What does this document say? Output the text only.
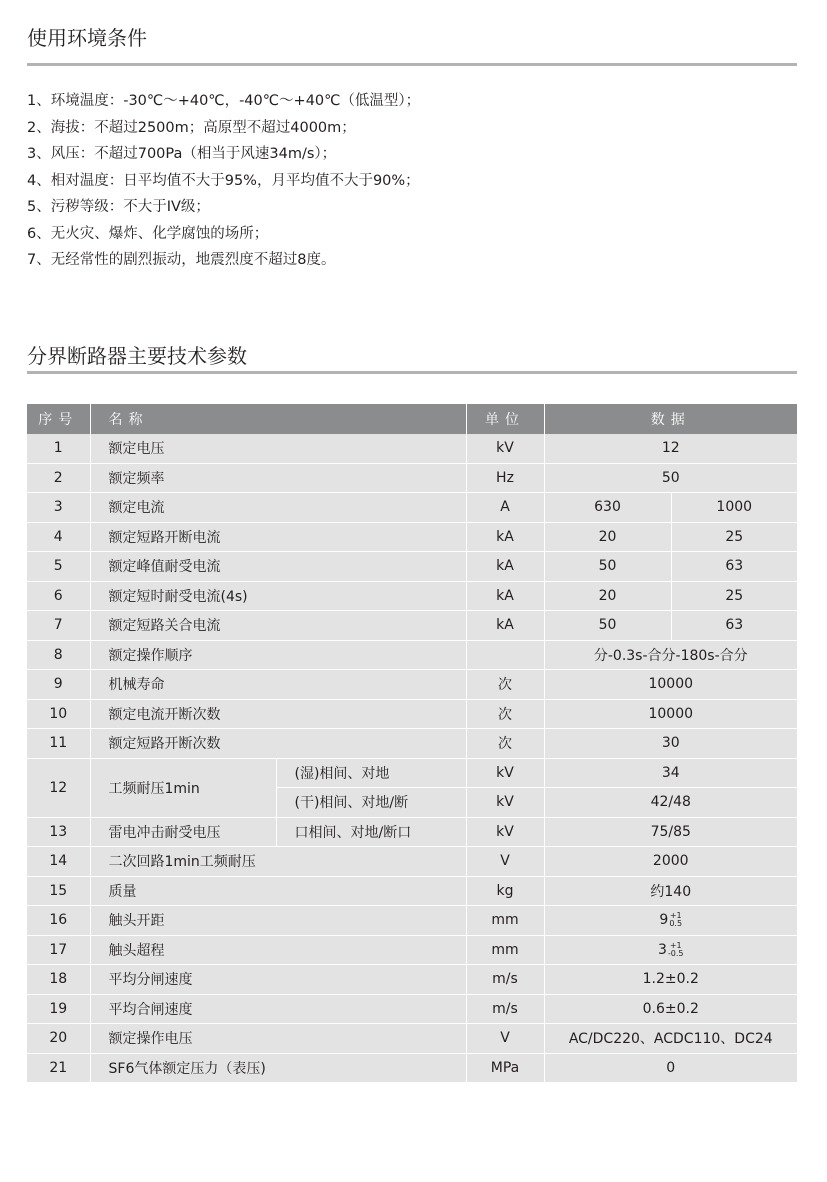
使用环境条件
1、环境温度：-30℃～+40℃，-40℃～+40℃（低温型）；
2、海拔：不超过2500m；高原型不超过4000m；
3、风压：不超过700Pa（相当于风速34m/s）；
4、相对温度：日平均值不大于95%，月平均值不大于90%；
5、污秽等级：不大于IV级；
6、无火灾、爆炸、化学腐蚀的场所；
7、无经常性的剧烈振动，地震烈度不超过8度。
分界断路器主要技术参数
序号	名称		单位	数据	
1	额定电压		kV	12	
2	额定频率		Hz	50	
3	额定电流		A	630	1000
4	额定短路开断电流		kA	20	25
5	额定峰值耐受电流		kA	50	63
6	额定短时耐受电流(4s)		kA	20	25
7	额定短路关合电流		kA	50	63
8	额定操作顺序			分-0.3s-合分-180s-合分	
9	机械寿命		次	10000	
10	额定电流开断次数		次	10000	
11	额定短路开断次数		次	30	
12	工频耐压1min	(湿)相间、对地	kV	34	
		(干)相间、对地/断	kV	42/48	
13	雷电冲击耐受电压	口相间、对地/断口	kV	75/85	
14	二次回路1min工频耐压		V	2000	
15	质量		kg	约140	
16	触头开距		mm	9 +1
0.5	

17	触头超程		mm	3 +1
-0.5	

18	平均分闸速度		m/s	1.2±0.2	
19	平均合闸速度		m/s	0.6±0.2	
20	额定操作电压		V	AC/DC220、ACDC110、DC24	
21	SF6气体额定压力（表压)		MPa	0	
